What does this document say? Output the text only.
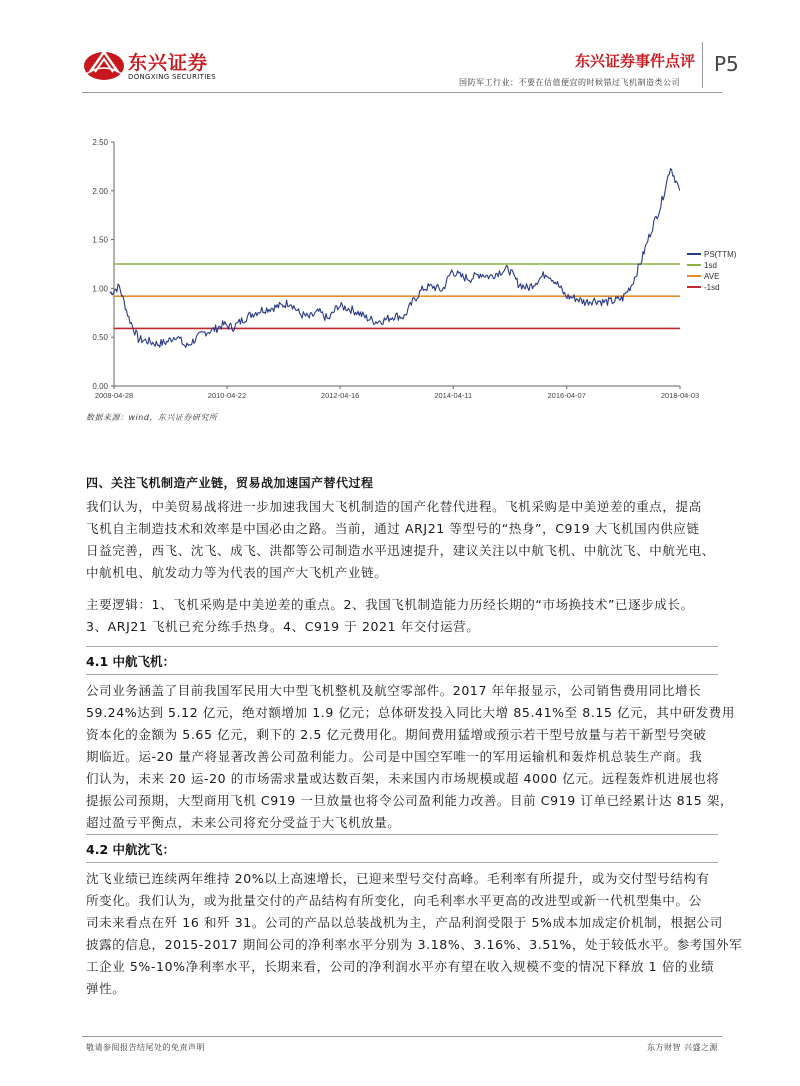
东兴证券
DONGXING SECURITIES
东兴证券事件点评
国防军工行业：不要在估值便宜的时候错过飞机制造类公司
P5
0.00
0.50
1.00
1.50
2.00
2.50
2008-04-28	2010-04-22	2012-04-16	2014-04-11	2016-04-07	2018-04-03
PS(TTM)
1sd
AVE
-1sd
数据来源：wind，东兴证券研究所
四、关注飞机制造产业链，贸易战加速国产替代过程
我们认为，中美贸易战将进一步加速我国大飞机制造的国产化替代进程。飞机采购是中美逆差的重点，提高
飞机自主制造技术和效率是中国必由之路。当前，通过 ARJ21 等型号的“热身”，C919 大飞机国内供应链
日益完善，西飞、沈飞、成飞、洪都等公司制造水平迅速提升，建议关注以中航飞机、中航沈飞、中航光电、
中航机电、航发动力等为代表的国产大飞机产业链。
主要逻辑：1、飞机采购是中美逆差的重点。2、我国飞机制造能力历经长期的“市场换技术”已逐步成长。
3、ARJ21 飞机已充分练手热身。4、C919 于 2021 年交付运营。
4.1 中航飞机：
公司业务涵盖了目前我国军民用大中型飞机整机及航空零部件。2017 年年报显示，公司销售费用同比增长
59.24%达到 5.12 亿元，绝对额增加 1.9 亿元；总体研发投入同比大增 85.41%至 8.15 亿元，其中研发费用
资本化的金额为 5.65 亿元，剩下的 2.5 亿元费用化。期间费用猛增或预示若干型号放量与若干新型号突破
期临近。运-20 量产将显著改善公司盈利能力。公司是中国空军唯一的军用运输机和轰炸机总装生产商。我
们认为，未来 20 运-20 的市场需求量或达数百架，未来国内市场规模或超 4000 亿元。远程轰炸机进展也将
提振公司预期，大型商用飞机 C919 一旦放量也将令公司盈利能力改善。目前 C919 订单已经累计达 815 架，
超过盈亏平衡点，未来公司将充分受益于大飞机放量。
4.2 中航沈飞：
沈飞业绩已连续两年维持 20%以上高速增长，已迎来型号交付高峰。毛利率有所提升，或为交付型号结构有
所变化。我们认为，或为批量交付的产品结构有所变化，向毛利率水平更高的改进型或新一代机型集中。公
司未来看点在歼 16 和歼 31。公司的产品以总装战机为主，产品利润受限于 5%成本加成定价机制，根据公司
披露的信息，2015-2017 期间公司的净利率水平分别为 3.18%、3.16%、3.51%，处于较低水平。参考国外军
工企业 5%-10%净利率水平，长期来看，公司的净利润水平亦有望在收入规模不变的情况下释放 1 倍的业绩
弹性。
敬请参阅报告结尾处的免责声明	东方财智 兴盛之源
